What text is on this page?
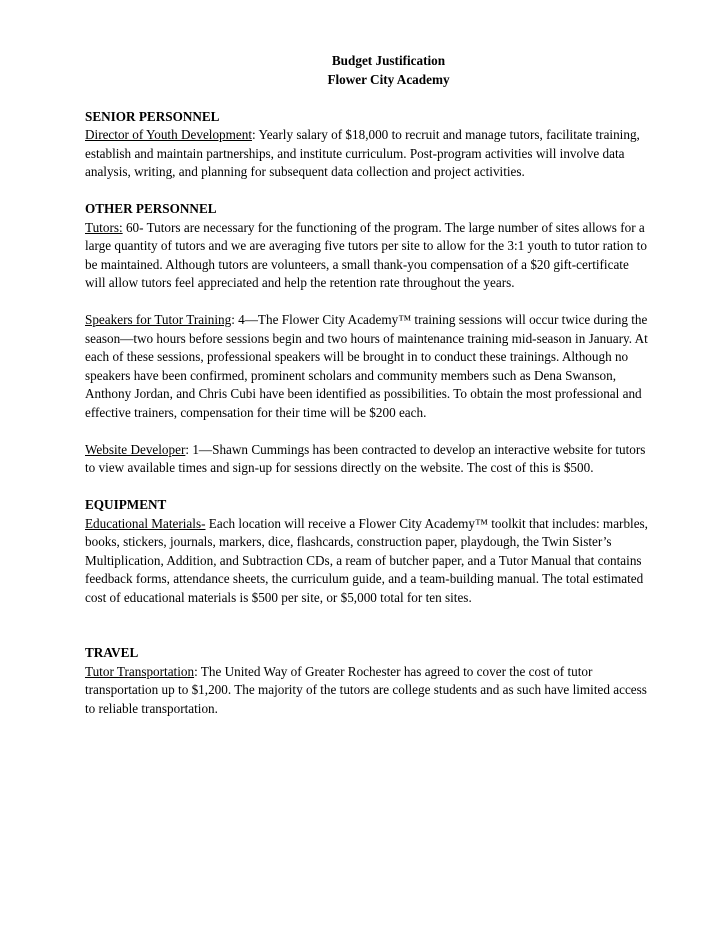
Budget Justification
Flower City Academy
SENIOR PERSONNEL

Director of Youth Development: Yearly salary of $18,000 to recruit and manage tutors, facilitate training, establish and maintain partnerships, and institute curriculum. Post-program activities will involve data analysis, writing, and planning for subsequent data collection and project activities.

OTHER PERSONNEL

Tutors: 60- Tutors are necessary for the functioning of the program. The large number of sites allows for a large quantity of tutors and we are averaging five tutors per site to allow for the 3:1 youth to tutor ration to be maintained. Although tutors are volunteers, a small thank-you compensation of a $20 gift-certificate will allow tutors feel appreciated and help the retention rate throughout the years.

Speakers for Tutor Training: 4—The Flower City Academy™ training sessions will occur twice during the season—two hours before sessions begin and two hours of maintenance training mid-season in January. At each of these sessions, professional speakers will be brought in to conduct these trainings. Although no speakers have been confirmed, prominent scholars and community members such as Dena Swanson, Anthony Jordan, and Chris Cubi have been identified as possibilities. To obtain the most professional and effective trainers, compensation for their time will be $200 each.

Website Developer: 1—Shawn Cummings has been contracted to develop an interactive website for tutors to view available times and sign-up for sessions directly on the website. The cost of this is $500.

EQUIPMENT

Educational Materials- Each location will receive a Flower City Academy™ toolkit that includes: marbles, books, stickers, journals, markers, dice, flashcards, construction paper, playdough, the Twin Sister’s Multiplication, Addition, and Subtraction CDs, a ream of butcher paper, and a Tutor Manual that contains feedback forms, attendance sheets, the curriculum guide, and a team-building manual. The total estimated cost of educational materials is $500 per site, or $5,000 total for ten sites.

TRAVEL

Tutor Transportation: The United Way of Greater Rochester has agreed to cover the cost of tutor transportation up to $1,200. The majority of the tutors are college students and as such have limited access to reliable transportation.
